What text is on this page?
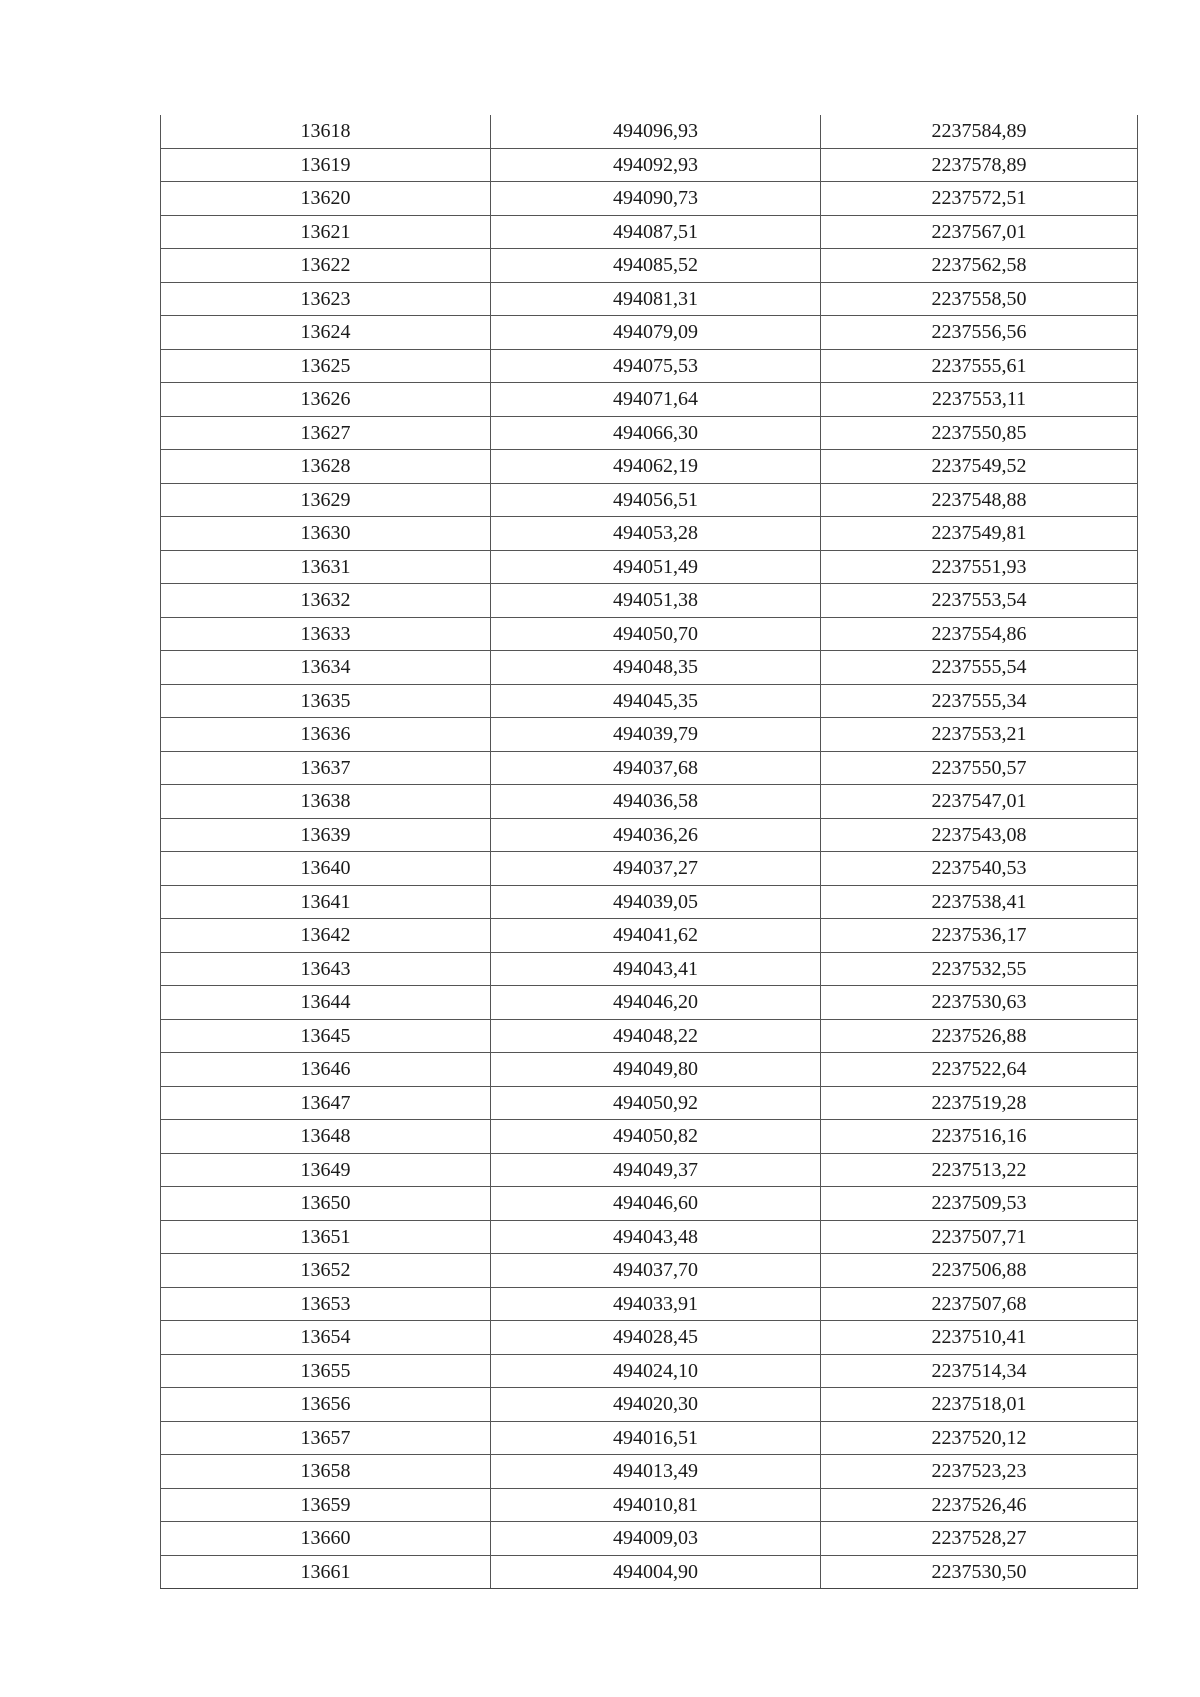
13618	494096,93	2237584,89
13619	494092,93	2237578,89
13620	494090,73	2237572,51
13621	494087,51	2237567,01
13622	494085,52	2237562,58
13623	494081,31	2237558,50
13624	494079,09	2237556,56
13625	494075,53	2237555,61
13626	494071,64	2237553,11
13627	494066,30	2237550,85
13628	494062,19	2237549,52
13629	494056,51	2237548,88
13630	494053,28	2237549,81
13631	494051,49	2237551,93
13632	494051,38	2237553,54
13633	494050,70	2237554,86
13634	494048,35	2237555,54
13635	494045,35	2237555,34
13636	494039,79	2237553,21
13637	494037,68	2237550,57
13638	494036,58	2237547,01
13639	494036,26	2237543,08
13640	494037,27	2237540,53
13641	494039,05	2237538,41
13642	494041,62	2237536,17
13643	494043,41	2237532,55
13644	494046,20	2237530,63
13645	494048,22	2237526,88
13646	494049,80	2237522,64
13647	494050,92	2237519,28
13648	494050,82	2237516,16
13649	494049,37	2237513,22
13650	494046,60	2237509,53
13651	494043,48	2237507,71
13652	494037,70	2237506,88
13653	494033,91	2237507,68
13654	494028,45	2237510,41
13655	494024,10	2237514,34
13656	494020,30	2237518,01
13657	494016,51	2237520,12
13658	494013,49	2237523,23
13659	494010,81	2237526,46
13660	494009,03	2237528,27
13661	494004,90	2237530,50
